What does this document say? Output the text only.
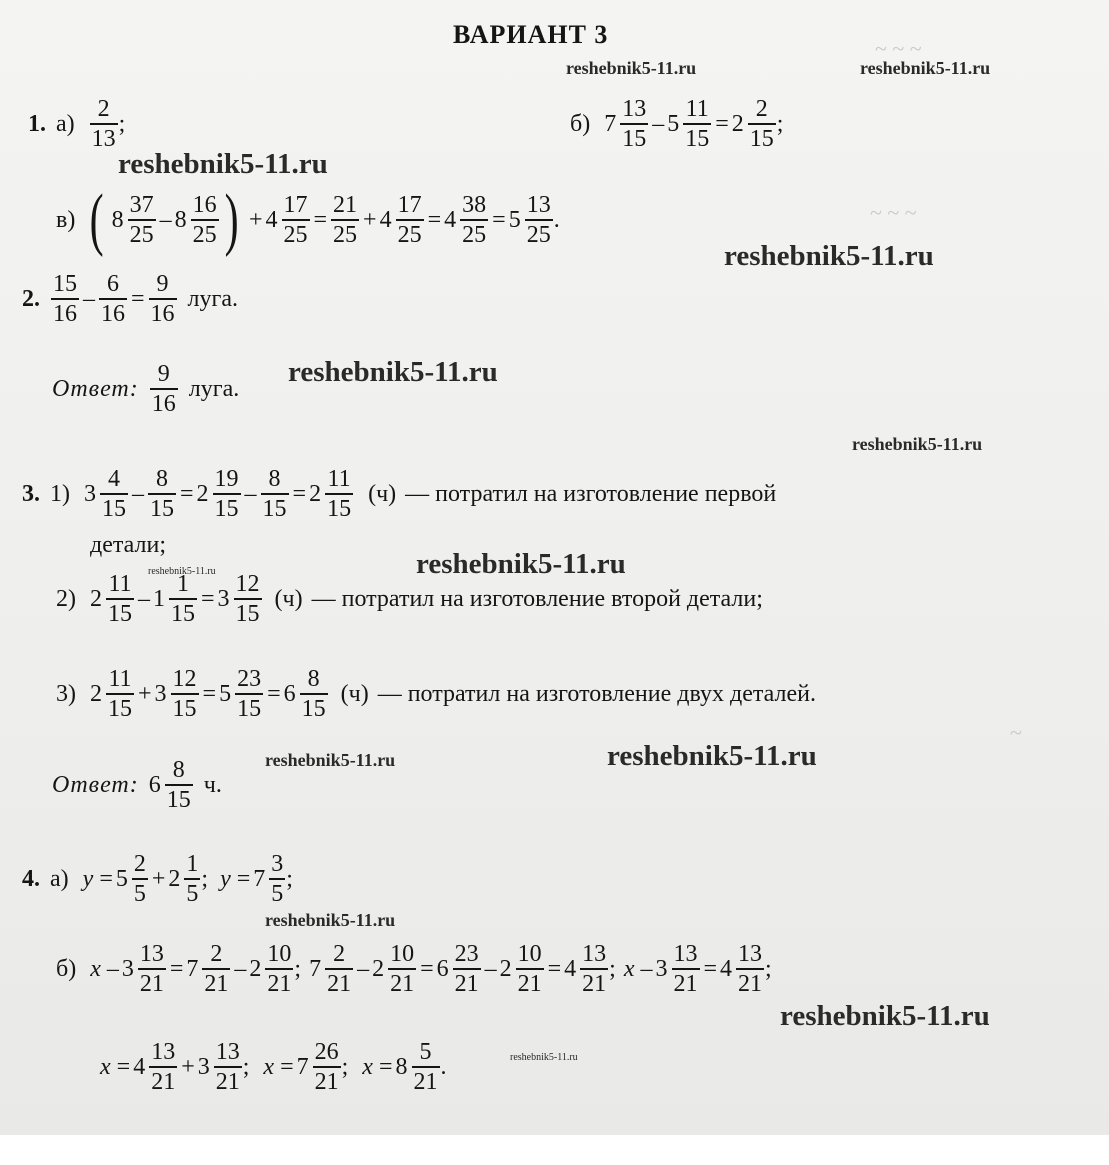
~ ~ ~
~ ~ ~
~
ВАРИАНТ 3
reshebnik5-11.ru	reshebnik5-11.ru
reshebnik5-11.ru
reshebnik5-11.ru
reshebnik5-11.ru
reshebnik5-11.ru
reshebnik5-11.ru
reshebnik5-11.ru
reshebnik5-11.ru	reshebnik5-11.ru
reshebnik5-11.ru
reshebnik5-11.ru
reshebnik5-11.ru
1. $а) \frac{2}{13}$ ;	б) $7 \frac{13}{15} - 5 \frac{11}{15} = 2 \frac{2}{15}$ ;
в) ( $8 \frac{37}{25} - 8 \frac{16}{25}$ ) + $4 \frac{17}{25} = \frac{21}{25} + 4 \frac{17}{25} = 4 \frac{38}{25} = 5 \frac{13}{25}$ .
2. $\frac{15}{16} - \frac{6}{16} = \frac{9}{16}$ луга.
Ответ: $\frac{9}{16}$ луга.
3. 1) $3 \frac{4}{15} - \frac{8}{15} = 2 \frac{19}{15} - \frac{8}{15} = 2 \frac{11}{15} (ч)$ — потратил на изготовление первой
детали;
2) $2 \frac{11}{15} - 1 \frac{1}{15} = 3 \frac{12}{15} (ч)$ — потратил на изготовление второй детали;
3) $2 \frac{11}{15} + 3 \frac{12}{15} = 5 \frac{23}{15} = 6 \frac{8}{15} (ч)$ — потратил на изготовление двух деталей.
Ответ: $6 \frac{8}{15} ч$.
4. а) $y = 5 \frac{2}{5} + 2 \frac{1}{5}$ ; $y = 7 \frac{3}{5}$ ;
б) $x - 3 \frac{13}{21} = 7 \frac{2}{21} - 2 \frac{10}{21}$ ; $7 \frac{2}{21} - 2 \frac{10}{21} = 6 \frac{23}{21} - 2 \frac{10}{21} = 4 \frac{13}{21}$ ; $x - 3 \frac{13}{21} = 4 \frac{13}{21}$ ;
$x = 4 \frac{13}{21} + 3 \frac{13}{21}$ ; $x = 7 \frac{26}{21}$ ; $x = 8 \frac{5}{21}$ .
